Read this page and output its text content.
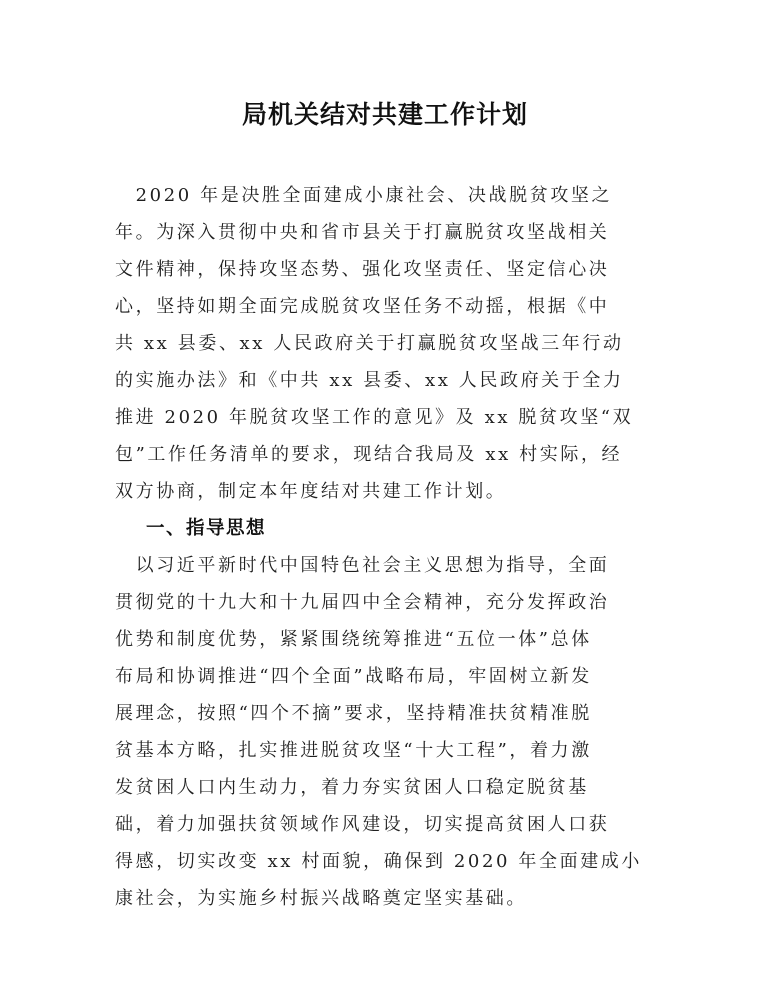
局机关结对共建工作计划
　2020 年是决胜全面建成小康社会、决战脱贫攻坚之
年。为深入贯彻中央和省市县关于打赢脱贫攻坚战相关
文件精神，保持攻坚态势、强化攻坚责任、坚定信心决
心，坚持如期全面完成脱贫攻坚任务不动摇，根据《中
共 xx 县委、xx 人民政府关于打赢脱贫攻坚战三年行动
的实施办法》和《中共 xx 县委、xx 人民政府关于全力
推进 2020 年脱贫攻坚工作的意见》及 xx 脱贫攻坚“双
包”工作任务清单的要求，现结合我局及 xx 村实际，经
双方协商，制定本年度结对共建工作计划。
一、指导思想
　以习近平新时代中国特色社会主义思想为指导，全面
贯彻党的十九大和十九届四中全会精神，充分发挥政治
优势和制度优势，紧紧围绕统筹推进“五位一体”总体
布局和协调推进“四个全面”战略布局，牢固树立新发
展理念，按照“四个不摘”要求，坚持精准扶贫精准脱
贫基本方略，扎实推进脱贫攻坚“十大工程”，着力激
发贫困人口内生动力，着力夯实贫困人口稳定脱贫基
础，着力加强扶贫领域作风建设，切实提高贫困人口获
得感，切实改变 xx 村面貌，确保到 2020 年全面建成小
康社会，为实施乡村振兴战略奠定坚实基础。
